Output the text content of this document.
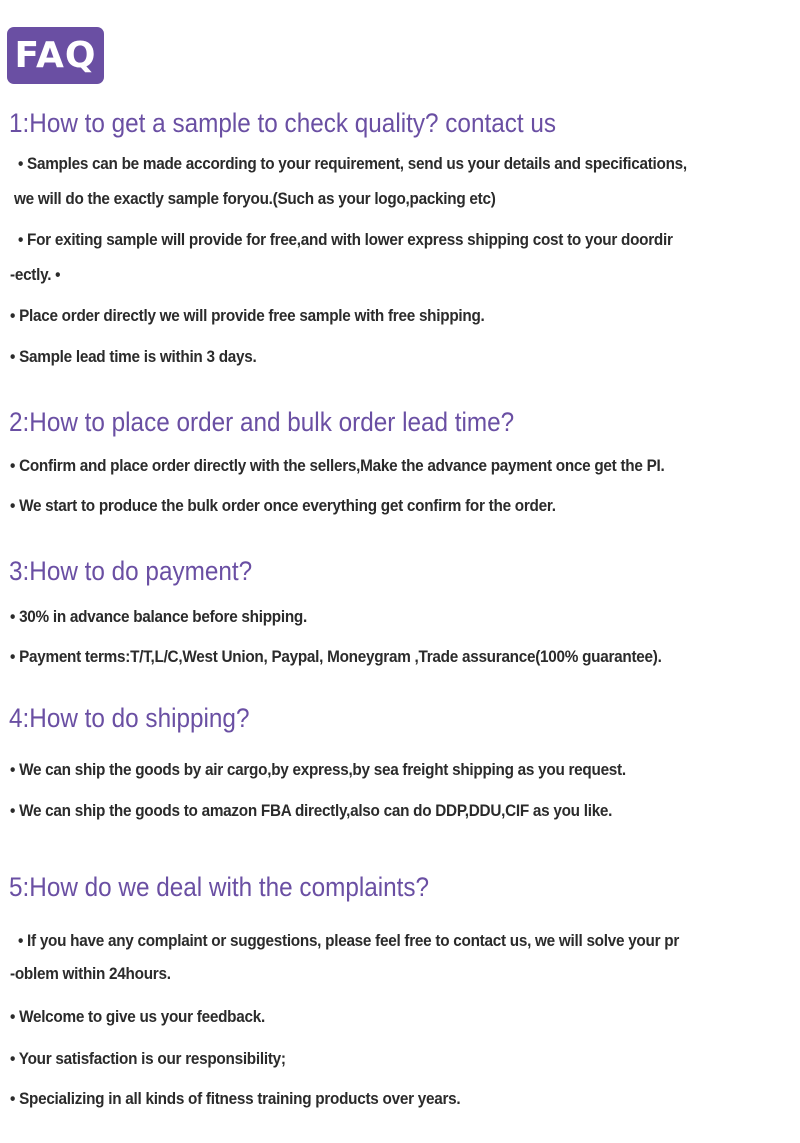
FAQ
1:How to get a sample to check quality? contact us

• Samples can be made according to your requirement, send us your details and specifications,

we will do the exactly sample foryou.(Such as your logo,packing etc)

• For exiting sample will provide for free,and with lower express shipping cost to your doordir

-ectly. •

• Place order directly we will provide free sample with free shipping.

• Sample lead time is within 3 days.

2:How to place order and bulk order lead time?

• Confirm and place order directly with the sellers,Make the advance payment once get the PI.

• We start to produce the bulk order once everything get confirm for the order.

3:How to do payment?

• 30% in advance balance before shipping.

• Payment terms:T/T,L/C,West Union, Paypal, Moneygram ,Trade assurance(100% guarantee).

4:How to do shipping?

• We can ship the goods by air cargo,by express,by sea freight shipping as you request.

• We can ship the goods to amazon FBA directly,also can do DDP,DDU,CIF as you like.

5:How do we deal with the complaints?

• If you have any complaint or suggestions, please feel free to contact us, we will solve your pr

-oblem within 24hours.

• Welcome to give us your feedback.

• Your satisfaction is our responsibility;

• Specializing in all kinds of fitness training products over years.
